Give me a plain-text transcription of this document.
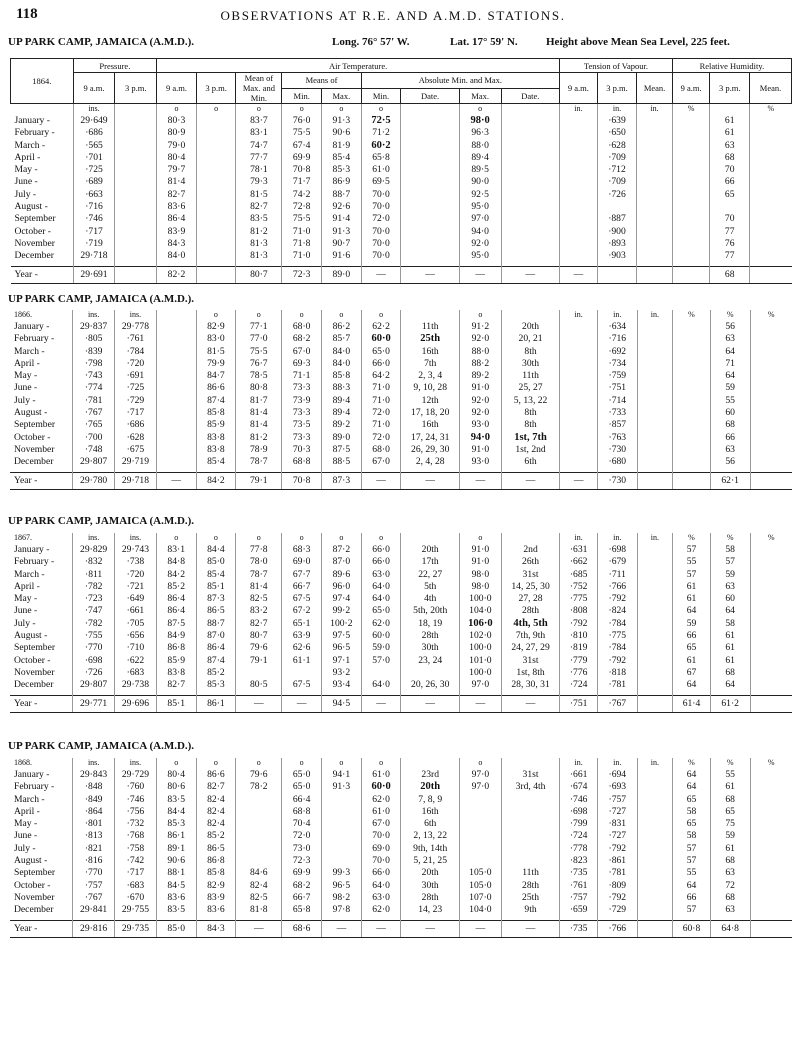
118	OBSERVATIONS AT R.E. AND A.M.D. STATIONS.
UP PARK CAMP, JAMAICA (A.M.D.).	Long. 76° 57' W.	Lat. 17° 59' N.	Height above Mean Sea Level, 225 feet.
1864.	Pressure.		Air Temperature.									Tension of Vapour.			Relative Humidity.		
	9 a.m.	3 p.m.	9 a.m.	3 p.m.	Mean of Max. and Min.	Means of		Absolute Min. and Max.				9 a.m.	3 p.m.	Mean.	9 a.m.	3 p.m.	Mean.
						Min.	Max.	Min.	Date.	Max.	Date.						
	ins.		o	o	o	o	o	o		o		in.	in.	in.	%		%
January -	29·649		80·3		83·7	76·0	91·3	72·5		98·0			·639			61	
February -	·686		80·9		83·1	75·5	90·6	71·2		96·3			·650			61	
March -	·565		79·0		74·7	67·4	81·9	60·2		88·0			·628			63	
April -	·701		80·4		77·7	69·9	85·4	65·8		89·4			·709			68	
May -	·725		79·7		78·1	70·8	85·3	61·0		89·5			·712			70	
June -	·689		81·4		79·3	71·7	86·9	69·5		90·0			·709			66	
July -	·663		82·7		81·5	74·2	88·7	70·0		92·5			·726			65	
August -	·716		83·6		82·7	72·8	92·6	70·0		95·0							
September	·746		86·4		83·5	75·5	91·4	72·0		97·0			·887			70	
October -	·717		83·9		81·2	71·0	91·3	70·0		94·0			·900			77	
November	·719		84·3		81·3	71·8	90·7	70·0		92·0			·893			76	
December	29·718		84·0		81·3	71·0	91·6	70·0		95·0			·903			77	
Year -	29·691		82·2		80·7	72·3	89·0	—	—	—	—	—				68	
UP PARK CAMP, JAMAICA (A.M.D.).
1866.	ins.	ins.		o	o	o	o	o		o		in.	in.	in.	%	%	%
January -	29·837	29·778		82·9	77·1	68·0	86·2	62·2	11th	91·2	20th		·634			56	
February -	·805	·761		83·0	77·0	68·2	85·7	60·0	25th	92·0	20, 21		·716			63	
March -	·839	·784		81·5	75·5	67·0	84·0	65·0	16th	88·0	8th		·692			64	
April -	·798	·720		79·9	76·7	69·3	84·0	66·0	7th	88·2	30th		·734			71	
May -	·743	·691		84·7	78·5	71·1	85·8	64·2	2, 3, 4	89·2	11th		·759			64	
June -	·774	·725		86·6	80·8	73·3	88·3	71·0	9, 10, 28	91·0	25, 27		·751			59	
July -	·781	·729		87·4	81·7	73·9	89·4	71·0	12th	92·0	5, 13, 22		·714			55	
August -	·767	·717		85·8	81·4	73·3	89·4	72·0	17, 18, 20	92·0	8th		·733			60	
September	·765	·686		85·9	81·4	73·5	89·2	71·0	16th	93·0	8th		·857			68	
October -	·700	·628		83·8	81·2	73·3	89·0	72·0	17, 24, 31	94·0	1st, 7th		·763			66	
November	·748	·675		83·8	78·9	70·3	87·5	68·0	26, 29, 30	91·0	1st, 2nd		·730			63	
December	29·807	29·719		85·4	78·7	68·8	88·5	67·0	2, 4, 28	93·0	6th		·680			56	
Year -	29·780	29·718	—	84·2	79·1	70·8	87·3	—	—	—	—	—	·730			62·1	
UP PARK CAMP, JAMAICA (A.M.D.).
1867.	ins.	ins.	o	o	o	o	o	o		o		in.	in.	in.	%	%	%
January -	29·829	29·743	83·1	84·4	77·8	68·3	87·2	66·0	20th	91·0	2nd	·631	·698		57	58	
February -	·832	·738	84·8	85·0	78·0	69·0	87·0	66·0	17th	91·0	26th	·662	·679		55	57	
March -	·811	·720	84·2	85·4	78·7	67·7	89·6	63·0	22, 27	98·0	31st	·685	·711		57	59	
April -	·782	·721	85·2	85·1	81·4	66·7	96·0	64·0	5th	98·0	14, 25, 30	·752	·766		61	63	
May -	·723	·649	86·4	87·3	82·5	67·5	97·4	64·0	4th	100·0	27, 28	·775	·792		61	60	
June -	·747	·661	86·4	86·5	83·2	67·2	99·2	65·0	5th, 20th	104·0	28th	·808	·824		64	64	
July -	·782	·705	87·5	88·7	82·7	65·1	100·2	62·0	18, 19	106·0	4th, 5th	·792	·784		59	58	
August -	·755	·656	84·9	87·0	80·7	63·9	97·5	60·0	28th	102·0	7th, 9th	·810	·775		66	61	
September	·770	·710	86·8	86·4	79·6	62·6	96·5	59·0	30th	100·0	24, 27, 29	·819	·784		65	61	
October -	·698	·622	85·9	87·4	79·1	61·1	97·1	57·0	23, 24	101·0	31st	·779	·792		61	61	
November	·726	·683	83·8	85·2			93·2			100·0	1st, 8th	·776	·818		67	68	
December	29·807	29·738	82·7	85·3	80·5	67·5	93·4	64·0	20, 26, 30	97·0	28, 30, 31	·724	·781		64	64	
Year -	29·771	29·696	85·1	86·1	—	—	94·5	—	—	—	—	·751	·767		61·4	61·2	
UP PARK CAMP, JAMAICA (A.M.D.).
1868.	ins.	ins.	o	o	o	o	o	o		o		in.	in.	in.	%	%	%
January -	29·843	29·729	80·4	86·6	79·6	65·0	94·1	61·0	23rd	97·0	31st	·661	·694		64	55	
February -	·848	·760	80·6	82·7	78·2	65·0	91·3	60·0	20th	97·0	3rd, 4th	·674	·693		64	61	
March -	·849	·746	83·5	82·4		66·4		62·0	7, 8, 9			·746	·757		65	68	
April -	·864	·756	84·4	82·4		68·8		61·0	16th			·698	·727		58	65	
May -	·801	·732	85·3	82·4		70·4		67·0	6th			·799	·831		65	75	
June -	·813	·768	86·1	85·2		72·0		70·0	2, 13, 22			·724	·727		58	59	
July -	·821	·758	89·1	86·5		73·0		69·0	9th, 14th			·778	·792		57	61	
August -	·816	·742	90·6	86·8		72·3		70·0	5, 21, 25			·823	·861		57	68	
September	·770	·717	88·1	85·8	84·6	69·9	99·3	66·0	20th	105·0	11th	·735	·781		55	63	
October -	·757	·683	84·5	82·9	82·4	68·2	96·5	64·0	30th	105·0	28th	·761	·809		64	72	
November	·767	·670	83·6	83·9	82·5	66·7	98·2	63·0	28th	107·0	25th	·757	·792		66	68	
December	29·841	29·755	83·5	83·6	81·8	65·8	97·8	62·0	14, 23	104·0	9th	·659	·729		57	63	
Year -	29·816	29·735	85·0	84·3	—	68·6	—	—	—	—	—	·735	·766		60·8	64·8	
